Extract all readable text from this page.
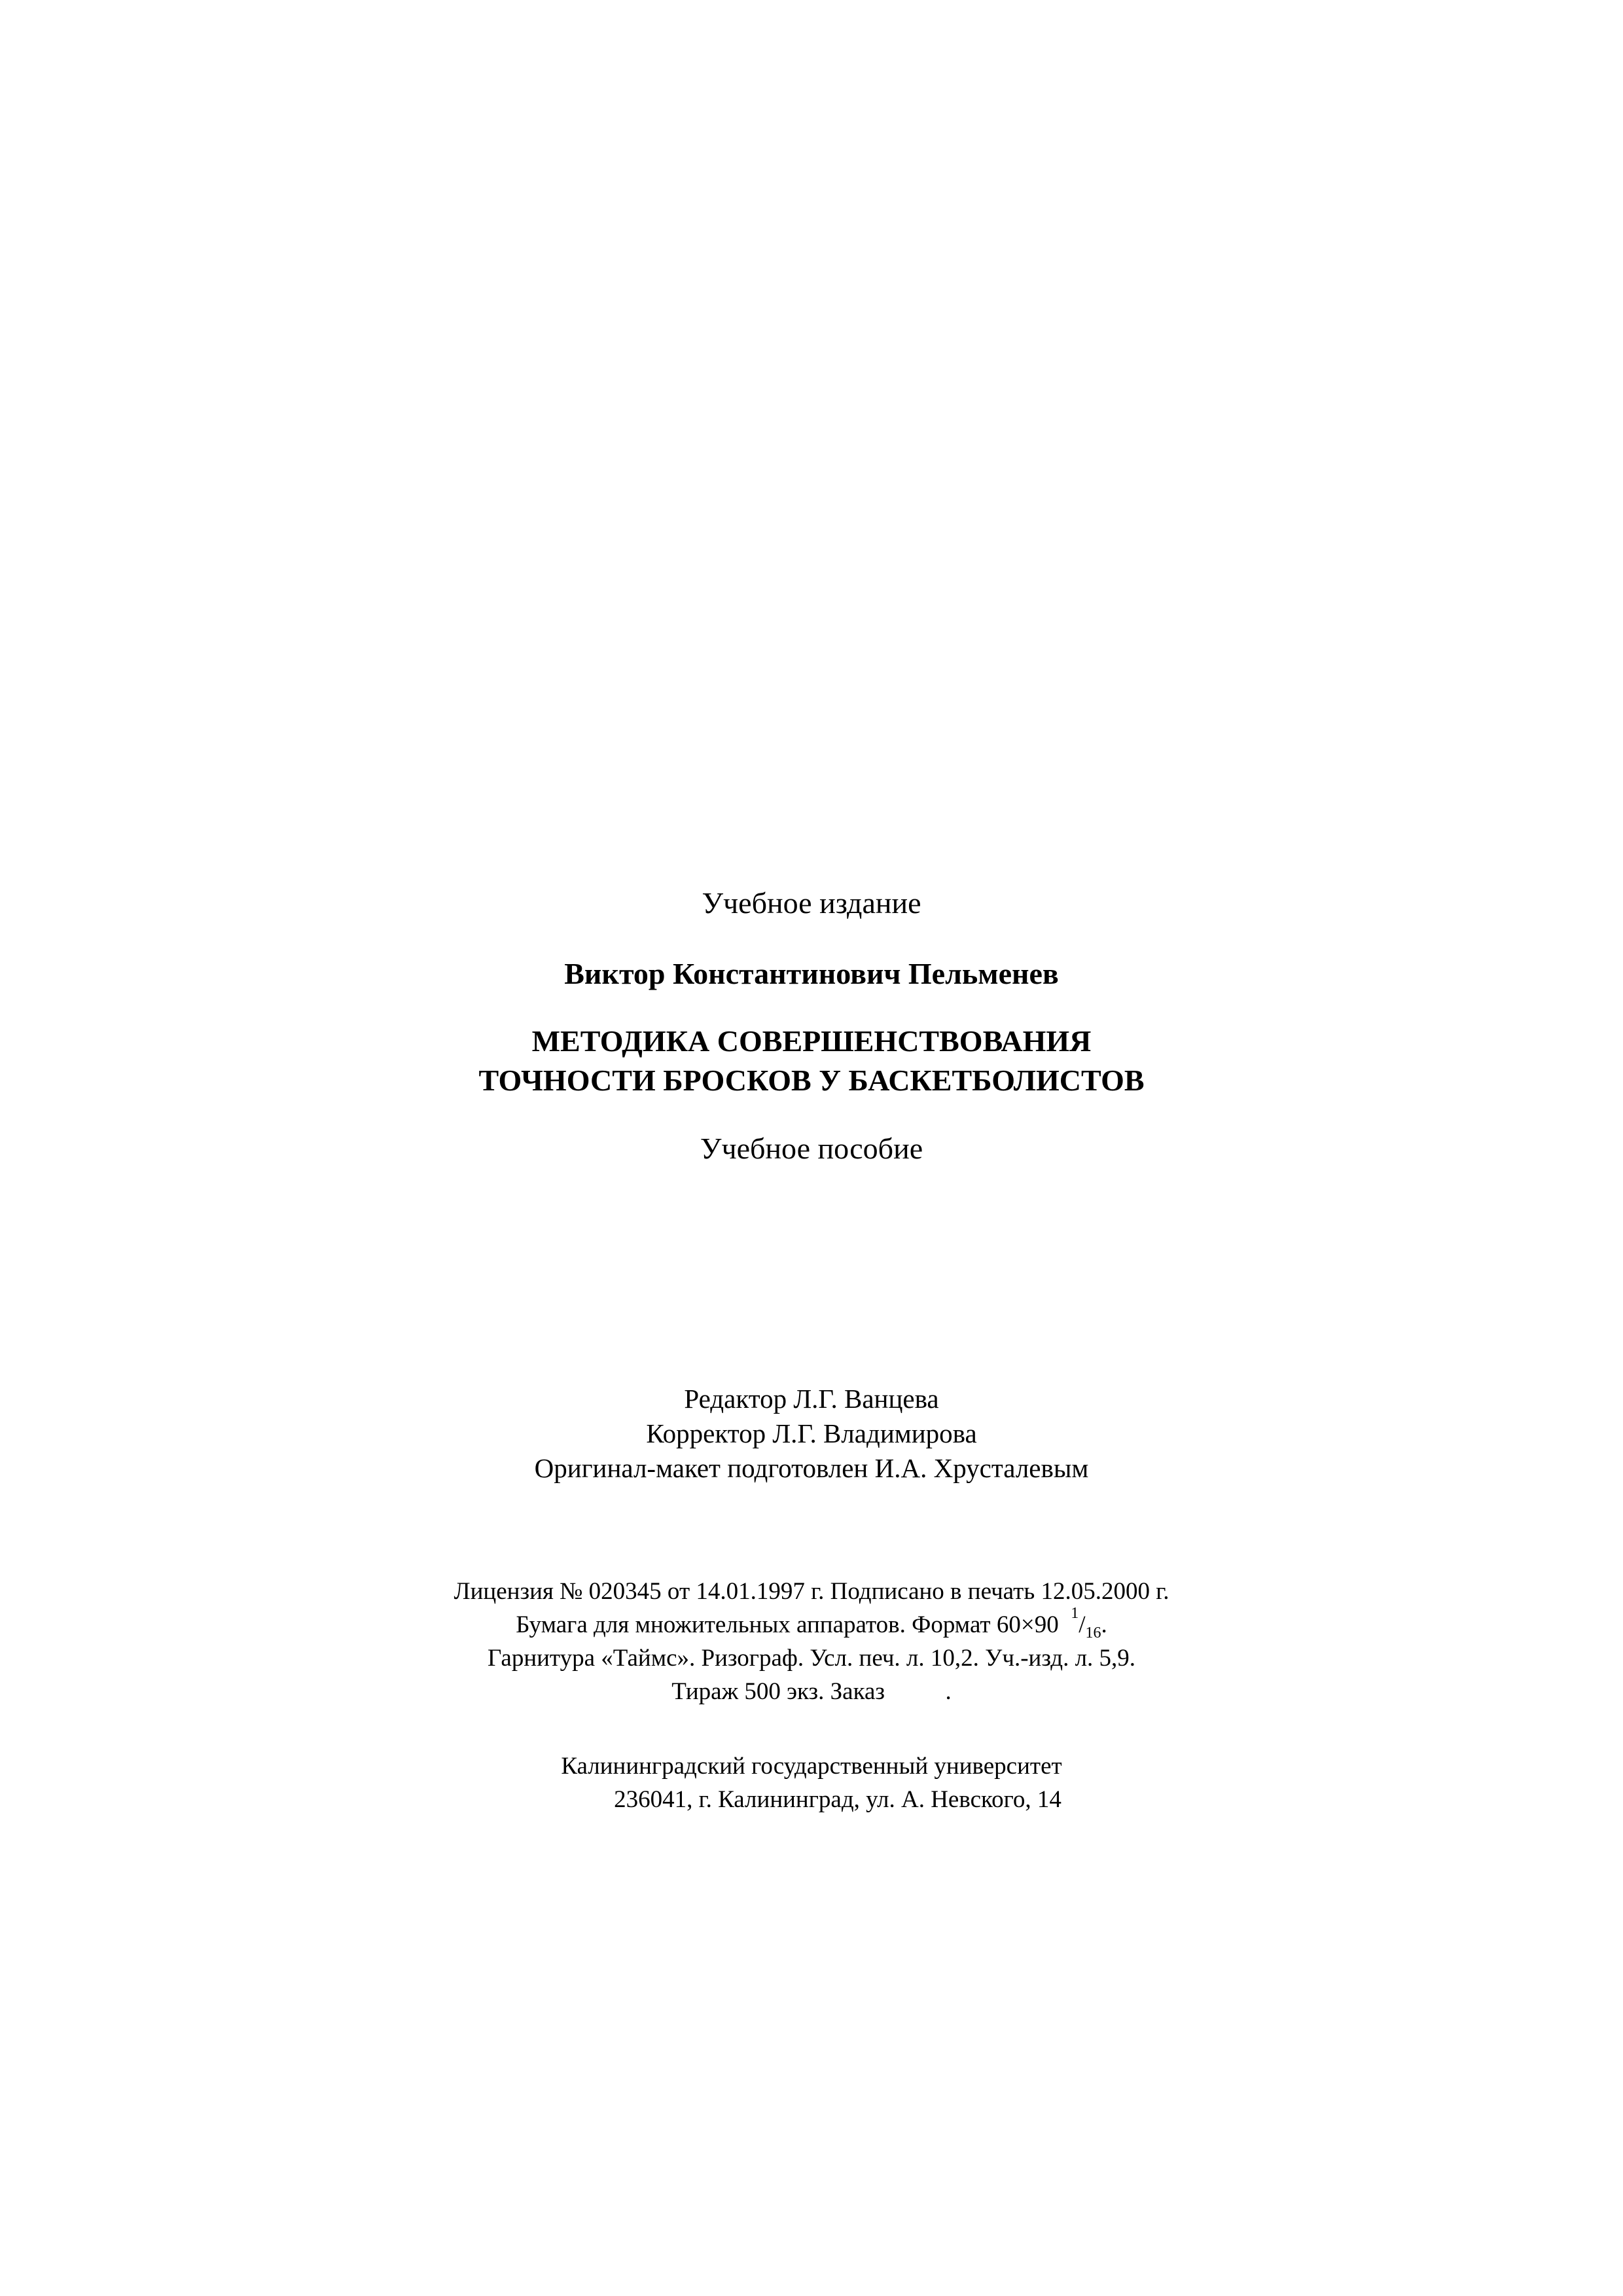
Учебное издание
Виктор Константинович Пельменев
МЕТОДИКА СОВЕРШЕНСТВОВАНИЯ
ТОЧНОСТИ БРОСКОВ У БАСКЕТБОЛИСТОВ
Учебное пособие
Редактор Л.Г. Ванцева
Корректор Л.Г. Владимирова
Оригинал-макет подготовлен И.А. Хрусталевым
Лицензия № 020345 от 14.01.1997 г. Подписано в печать 12.05.2000 г.
Бумага для множительных аппаратов. Формат 60×90  $^1/_{16}$.
Гарнитура «Таймс». Ризограф. Усл. печ. л. 10,2. Уч.-изд. л. 5,9.
Тираж 500 экз. Заказ          .
Калининградский государственный университет
236041, г. Калининград, ул. А. Невского, 14
